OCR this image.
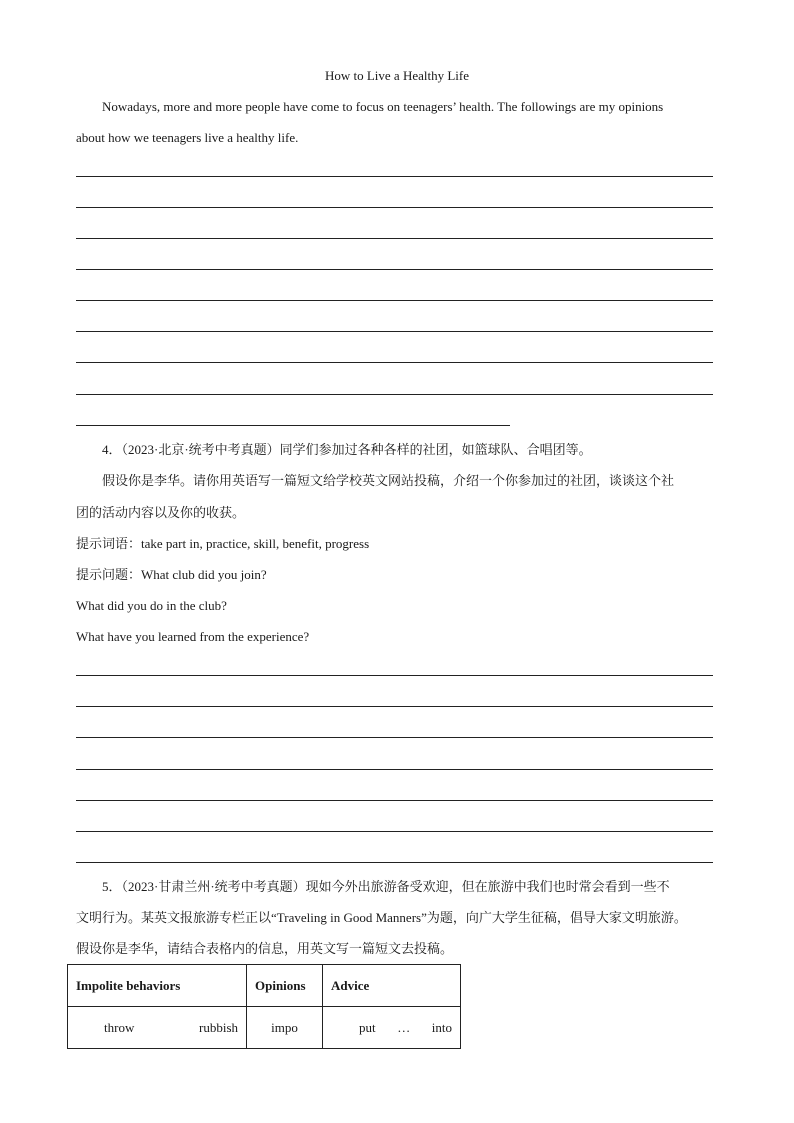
How to Live a Healthy Life
Nowadays, more and more people have come to focus on teenagers’ health. The followings are my opinions
about how we teenagers live a healthy life.
4．（2023·北京·统考中考真题）同学们参加过各种各样的社团，如篮球队、合唱团等。
假设你是李华。请你用英语写一篇短文给学校英文网站投稿，介绍一个你参加过的社团，谈谈这个社
团的活动内容以及你的收获。
提示词语：take part in, practice, skill, benefit, progress
提示问题：What club did you join?
What did you do in the club?
What have you learned from the experience?
5．（2023·甘肃兰州·统考中考真题）现如今外出旅游备受欢迎，但在旅游中我们也时常会看到一些不
文明行为。某英文报旅游专栏正以“Traveling in Good Manners”为题，向广大学生征稿，倡导大家文明旅游。
假设你是李华，请结合表格内的信息，用英文写一篇短文去投稿。
Impolite behaviors	Opinions	Advice

throw rubbish	impo	put … into
